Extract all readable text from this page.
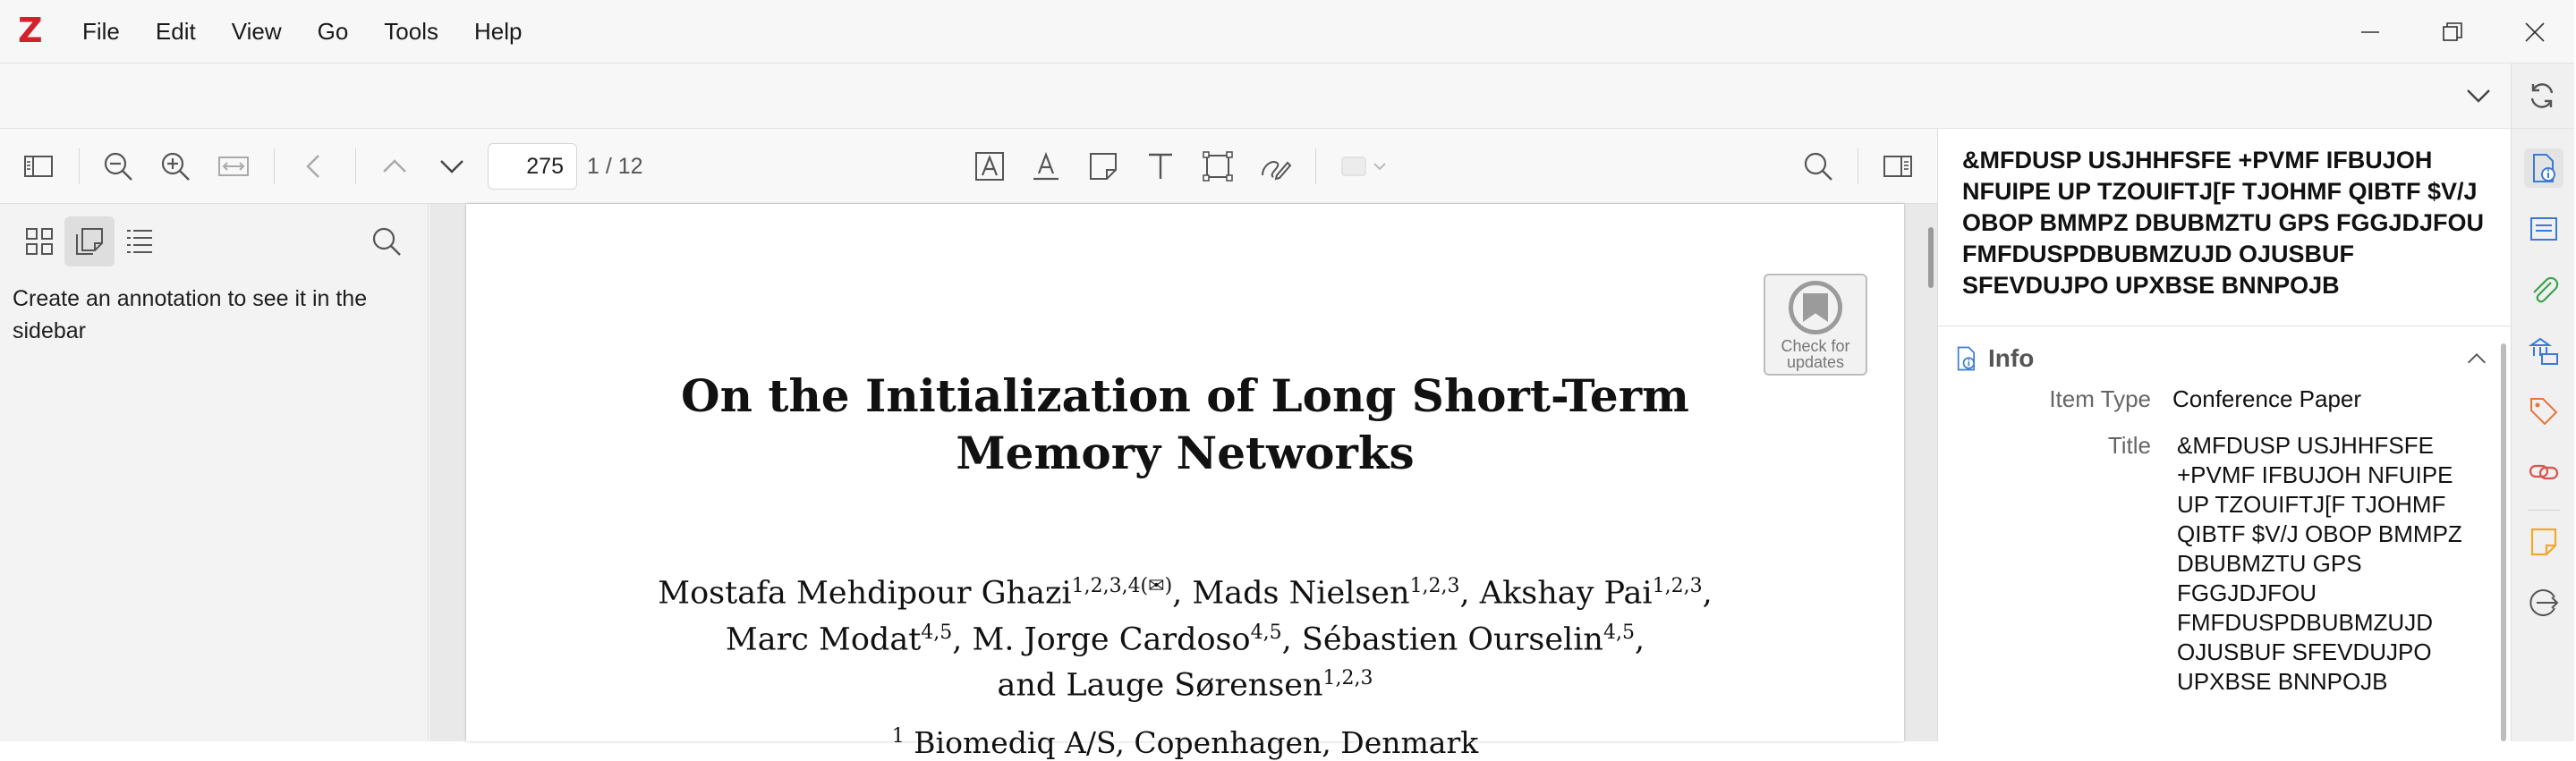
Z	File	Edit	View	Go	Tools	Help
275	1 / 12
Create an annotation to see it in the sidebar
Check for updates
On the Initialization of Long Short-Term
Memory Networks
Mostafa Mehdipour Ghazi$^{1,2,3,4(✉)}$, Mads Nielsen$^{1,2,3}$, Akshay Pai$^{1,2,3}$,
Marc Modat$^{4,5}$, M. Jorge Cardoso$^{4,5}$, Sébastien Ourselin$^{4,5}$,
and Lauge Sørensen$^{1,2,3}$
$^1$ Biomediq A/S, Copenhagen, Denmark
&MFDUSP USJHHFSFE +PVMF IFBUJOH NFUIPE UP TZOUIFTJ[F TJOHMF QIBTF $V/J OBOP BMMPZ DBUBMZTU GPS FGGJDJFOU FMFDUSPDBUBMZUJD OJUSBUF SFEVDUJPO UPXBSE BNNPOJB
Info
Item Type Conference Paper
Title &MFDUSP USJHHFSFE +PVMF IFBUJOH NFUIPE UP TZOUIFTJ[F TJOHMF QIBTF $V/J OBOP BMMPZ DBUBMZTU GPS FGGJDJFOU FMFDUSPDBUBMZUJD OJUSBUF SFEVDUJPO UPXBSE BNNPOJB
